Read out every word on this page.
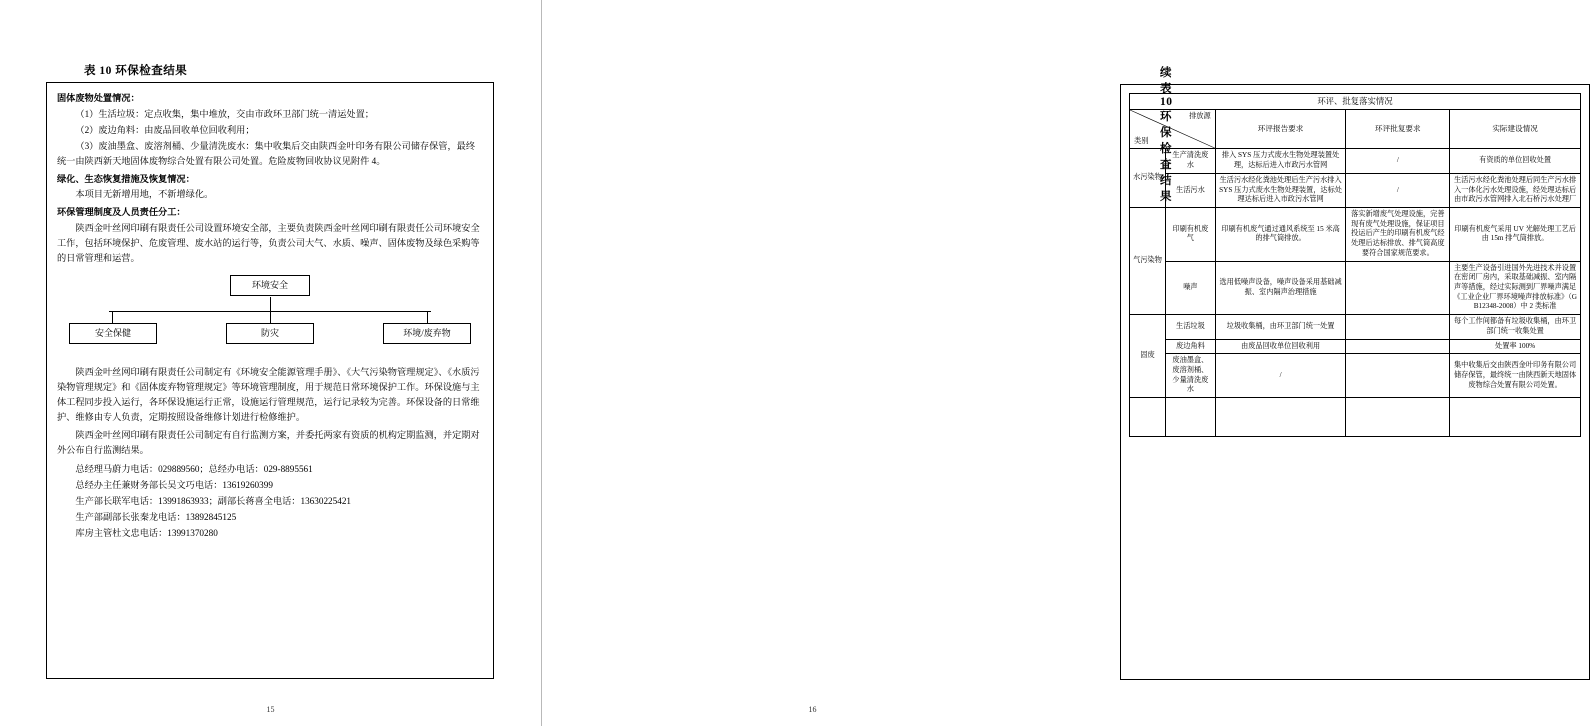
表 10 环保检查结果
固体废物处置情况：
（1）生活垃圾：定点收集，集中堆放，交由市政环卫部门统一清运处置；
（2）废边角料：由废品回收单位回收利用；
（3）废油墨盒、废溶剂桶、少量清洗废水：集中收集后交由陕西金叶印务有限公司储存保管，最终统一由陕西新天地固体废物综合处置有限公司处置。危险废物回收协议见附件 4。
绿化、生态恢复措施及恢复情况：
本项目无新增用地，不新增绿化。
环保管理制度及人员责任分工：
陕西金叶丝网印刷有限责任公司设置环境安全部，主要负责陕西金叶丝网印刷有限责任公司环境安全工作，包括环境保护、危废管理、废水站的运行等，负责公司大气、水质、噪声、固体废物及绿色采购等的日常管理和运营。
环境安全
安全保健	防灾	环境/废弃物
陕西金叶丝网印刷有限责任公司制定有《环境安全能源管理手册》、《大气污染物管理规定》、《水质污染物管理规定》和《固体废弃物管理规定》等环境管理制度，用于规范日常环境保护工作。环保设施与主体工程同步投入运行，各环保设施运行正常，设施运行管理规范，运行记录较为完善。环保设备的日常维护、维修由专人负责，定期按照设备维修计划进行检修维护。
陕西金叶丝网印刷有限责任公司制定有自行监测方案，并委托两家有资质的机构定期监测，并定期对外公布自行监测结果。
总经理马蔚力电话：029889560；总经办电话：029-8895561
总经办主任兼财务部长吴文巧电话：13619260399
生产部长联军电话：13991863933；副部长蒋喜全电话：13630225421
生产部副部长张秦龙电话：13892845125
库房主管杜文忠电话：13991370280
15
续表 10 环保检查结果
环评、批复落实情况				

排放源
类别		环评报告要求	环评批复要求	实际建设情况
水污染物	生产清洗废水	排入 SYS 压力式废水生物处理装置处理，达标后进入市政污水管网	/	有资质的单位回收处置
	生活污水	生活污水经化粪池处理后生产污水排入 SYS 压力式废水生物处理装置，达标处理达标后进入市政污水管网	/	生活污水经化粪池处理后同生产污水排入一体化污水处理设施，经处理达标后由市政污水管网排入北石桥污水处理厂
气污染物	印刷有机废气	印刷有机废气通过通风系统至 15 米高的排气筒排放。	落实新增废气处理设施，完善现有废气处理设施，保证项目投运后产生的印刷有机废气经处理后达标排放、排气筒高度要符合国家规范要求。	印刷有机废气采用 UV 光解处理工艺后由 15m 排气筒排放。
	噪声	选用低噪声设备，噪声设备采用基础减振、室内隔声治理措施		主要生产设备引进国外先进技术并设置在密闭厂房内，采取基础减振、室内隔声等措施，经过实际测到厂界噪声满足《工业企业厂界环境噪声排放标准》（GB12348-2008）中 2 类标准
固废	生活垃圾	垃圾收集桶，由环卫部门统一处置		每个工作间都备有垃圾收集桶，由环卫部门统一收集处置
	废边角料	由废品回收单位回收利用		处置率 100%
	废油墨盒、废溶剂桶、少量清洗废水	/		集中收集后交由陕西金叶印务有限公司储存保管，最终统一由陕西新天地固体废物综合处置有限公司处置。

16
